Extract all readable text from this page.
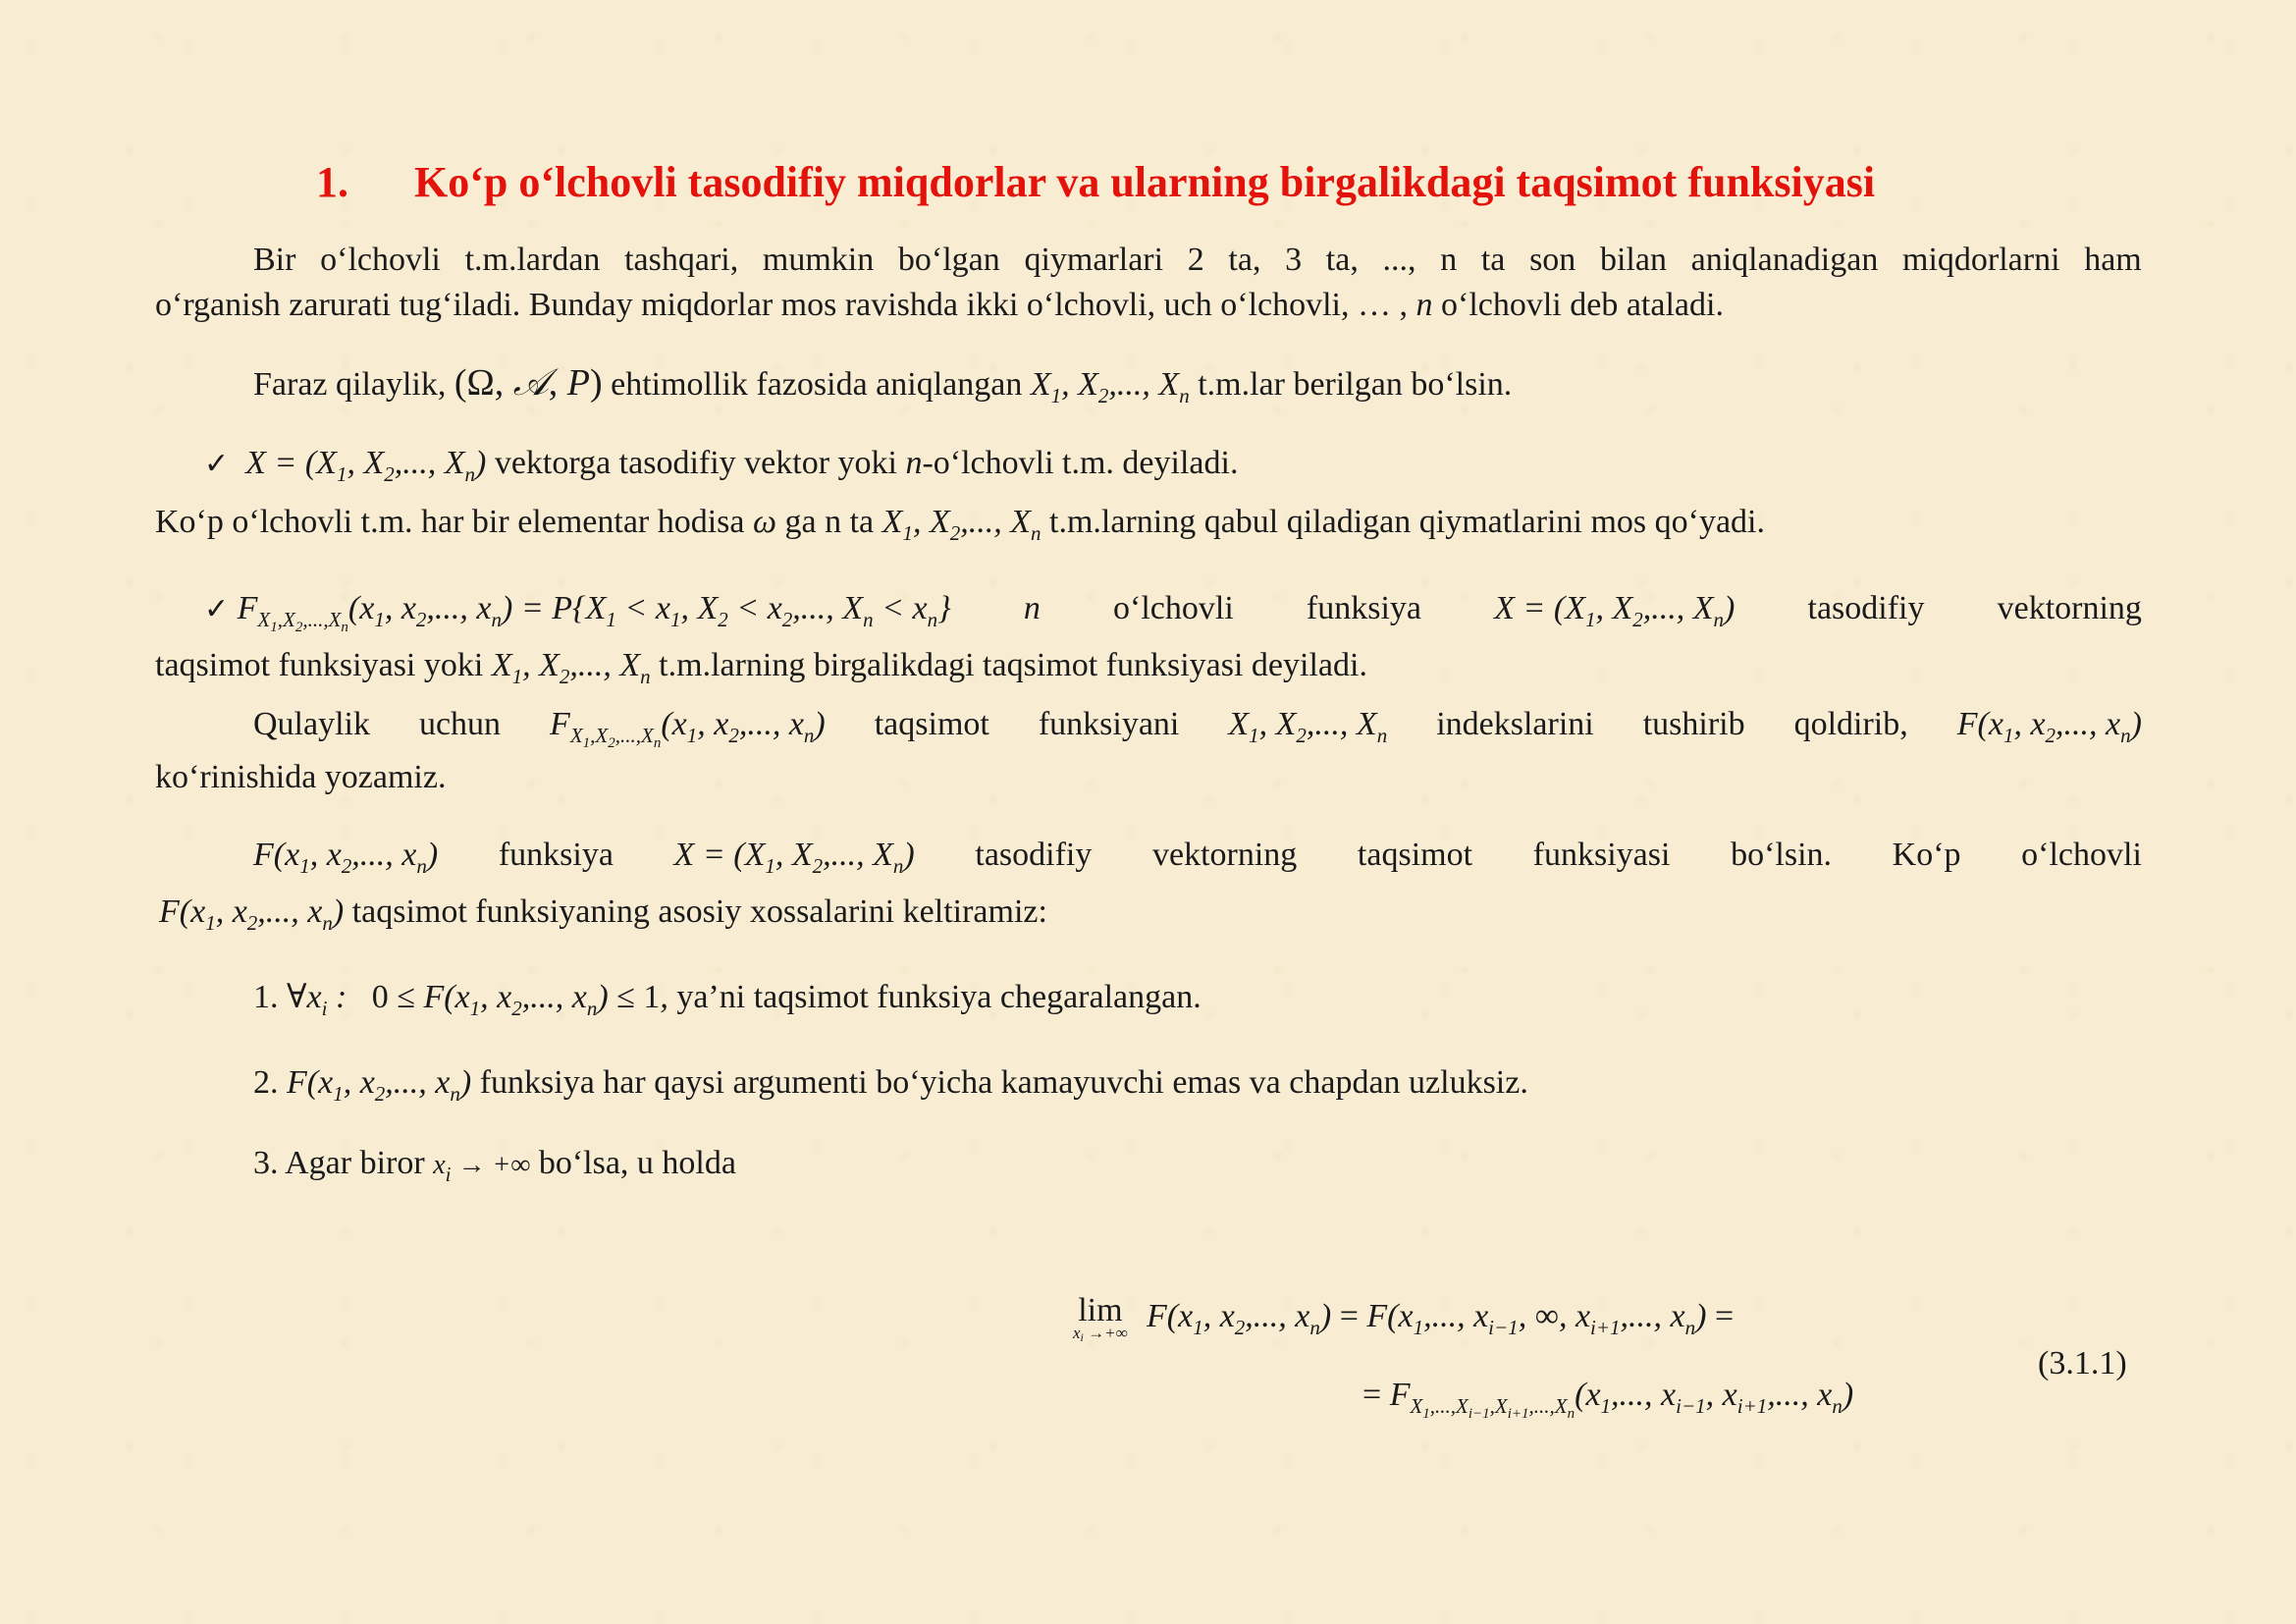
1. Ko‘p o‘lchovli tasodifiy miqdorlar va ularning birgalikdagi taqsimot funksiyasi
Bir o‘lchovli t.m.lardan tashqari, mumkin bo‘lgan qiymarlari 2 ta, 3 ta, ..., n ta son bilan aniqlanadigan miqdorlarni ham
o‘rganish zarurati tug‘iladi. Bunday miqdorlar mos ravishda ikki o‘lchovli, uch o‘lchovli, … , n o‘lchovli deb ataladi.
Faraz qilaylik, (Ω, 𝒜, P) ehtimollik fazosida aniqlangan $X_1$, $X_2$,..., $X_n$ t.m.lar berilgan bo‘lsin.
✓ $X = (X_1$, $X_2$,..., $X_n$) vektorga tasodifiy vektor yoki n-o‘lchovli t.m. deyiladi.
Ko‘p o‘lchovli t.m. har bir elementar hodisa ω ga n ta $X_1$, $X_2$,..., $X_n$ t.m.larning qabul qiladigan qiymatlarini mos qo‘yadi.
✓ $F_{X_1,X_2,...,X_n}(x_1$, $x_2$,..., $x_n) = P\{X_1 < x_1$, $X_2 < x_2$,..., $X_n < x_n$} n o‘lchovli funksiya $X = (X_1$, $X_2$,..., $X_n$) tasodifiy vektorning
taqsimot funksiyasi yoki $X_1$, $X_2$,..., $X_n$ t.m.larning birgalikdagi taqsimot funksiyasi deyiladi.
Qulaylik uchun $F_{X_1,X_2,...,X_n}(x_1$, $x_2$,..., $x_n$) taqsimot funksiyani $X_1$, $X_2$,..., $X_n$ indekslarini tushirib qoldirib, $F(x_1$, $x_2$,..., $x_n$)
ko‘rinishida yozamiz.
$F(x_1$, $x_2$,..., $x_n$) funksiya $X = (X_1$, $X_2$,..., $X_n$) tasodifiy vektorning taqsimot funksiyasi bo‘lsin. Ko‘p o‘lchovli
$F(x_1$, $x_2$,..., $x_n$) taqsimot funksiyaning asosiy xossalarini keltiramiz:
1. $\forall x_i$ :   $0 \le F(x_1$, $x_2$,..., $x_n) \le 1$, ya’ni taqsimot funksiya chegaralangan.
2. $F(x_1$, $x_2$,..., $x_n$) funksiya har qaysi argumenti bo‘yicha kamayuvchi emas va chapdan uzluksiz.
3. Agar biror $x_i$ → +∞ bo‘lsa, u holda
lim
$x_i$ →+∞ $F(x_1$, $x_2$,..., $x_n) = F(x_1$,..., $x_{i-1}$, ∞, $x_{i+1}$,..., $x_n$) =
= $F_{X_1,...,X_{i-1},X_{i+1},...,X_n}(x_1$,..., $x_{i-1}$, $x_{i+1}$,..., $x_n$)
(3.1.1)
